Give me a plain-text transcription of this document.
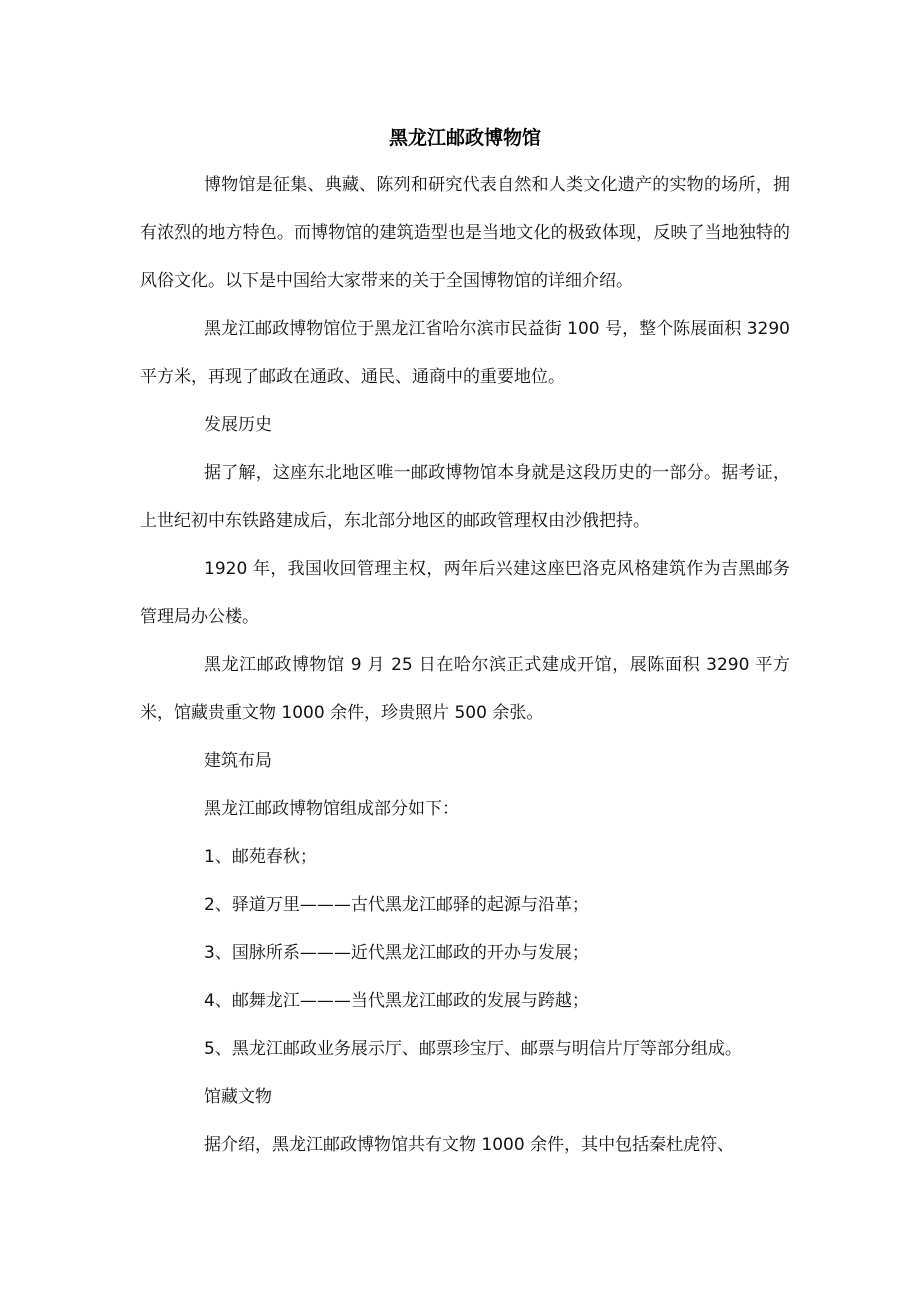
黑龙江邮政博物馆

博物馆是征集、典藏、陈列和研究代表自然和人类文化遗产的实物的场所，拥有浓烈的地方特色。而博物馆的建筑造型也是当地文化的极致体现，反映了当地独特的风俗文化。以下是中国给大家带来的关于全国博物馆的详细介绍。

黑龙江邮政博物馆位于黑龙江省哈尔滨市民益街 100 号，整个陈展面积 3290 平方米，再现了邮政在通政、通民、通商中的重要地位。

发展历史

据了解，这座东北地区唯一邮政博物馆本身就是这段历史的一部分。据考证，上世纪初中东铁路建成后，东北部分地区的邮政管理权由沙俄把持。

1920 年，我国收回管理主权，两年后兴建这座巴洛克风格建筑作为吉黑邮务管理局办公楼。

黑龙江邮政博物馆 9 月 25 日在哈尔滨正式建成开馆，展陈面积 3290 平方米，馆藏贵重文物 1000 余件，珍贵照片 500 余张。

建筑布局

黑龙江邮政博物馆组成部分如下：

1、邮苑春秋；

2、驿道万里———古代黑龙江邮驿的起源与沿革；

3、国脉所系———近代黑龙江邮政的开办与发展；

4、邮舞龙江———当代黑龙江邮政的发展与跨越；

5、黑龙江邮政业务展示厅、邮票珍宝厅、邮票与明信片厅等部分组成。

馆藏文物

据介绍，黑龙江邮政博物馆共有文物 1000 余件，其中包括秦杜虎符、
